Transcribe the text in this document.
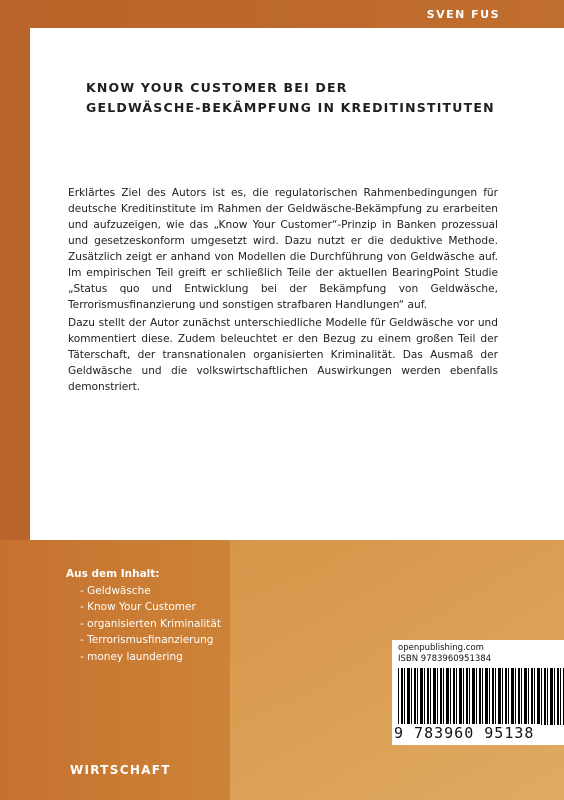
SVEN FUS
KNOW YOUR CUSTOMER BEI DER
GELDWÄSCHE-BEKÄMPFUNG IN KREDITINSTITUTEN

Erklärtes Ziel des Autors ist es, die regulatorischen Rahmenbedingungen für deutsche Kreditinstitute im Rahmen der Geldwäsche-Bekämpfung zu erarbeiten und aufzuzeigen, wie das „Know Your Customer“-Prinzip in Banken prozessual und gesetzeskonform umgesetzt wird. Dazu nutzt er die deduktive Methode. Zusätzlich zeigt er anhand von Modellen die Durchführung von Geldwäsche auf. Im empirischen Teil greift er schließlich Teile der aktuellen BearingPoint Studie „Status quo und Entwicklung bei der Bekämpfung von Geldwäsche, Terrorismusfinanzierung und sonstigen strafbaren Handlungen“ auf.

Dazu stellt der Autor zunächst unterschiedliche Modelle für Geldwäsche vor und kommentiert diese. Zudem beleuchtet er den Bezug zu einem großen Teil der Täterschaft, der transnationalen organisierten Kriminalität. Das Ausmaß der Geldwäsche und die volkswirtschaftlichen Auswirkungen werden ebenfalls demonstriert.

Aus dem Inhalt:
- Geldwäsche
- Know Your Customer
- organisierten Kriminalität
- Terrorismusfinanzierung
- money laundering
openpublishing.com
ISBN 9783960951384
9 783960 95138
WIRTSCHAFT
